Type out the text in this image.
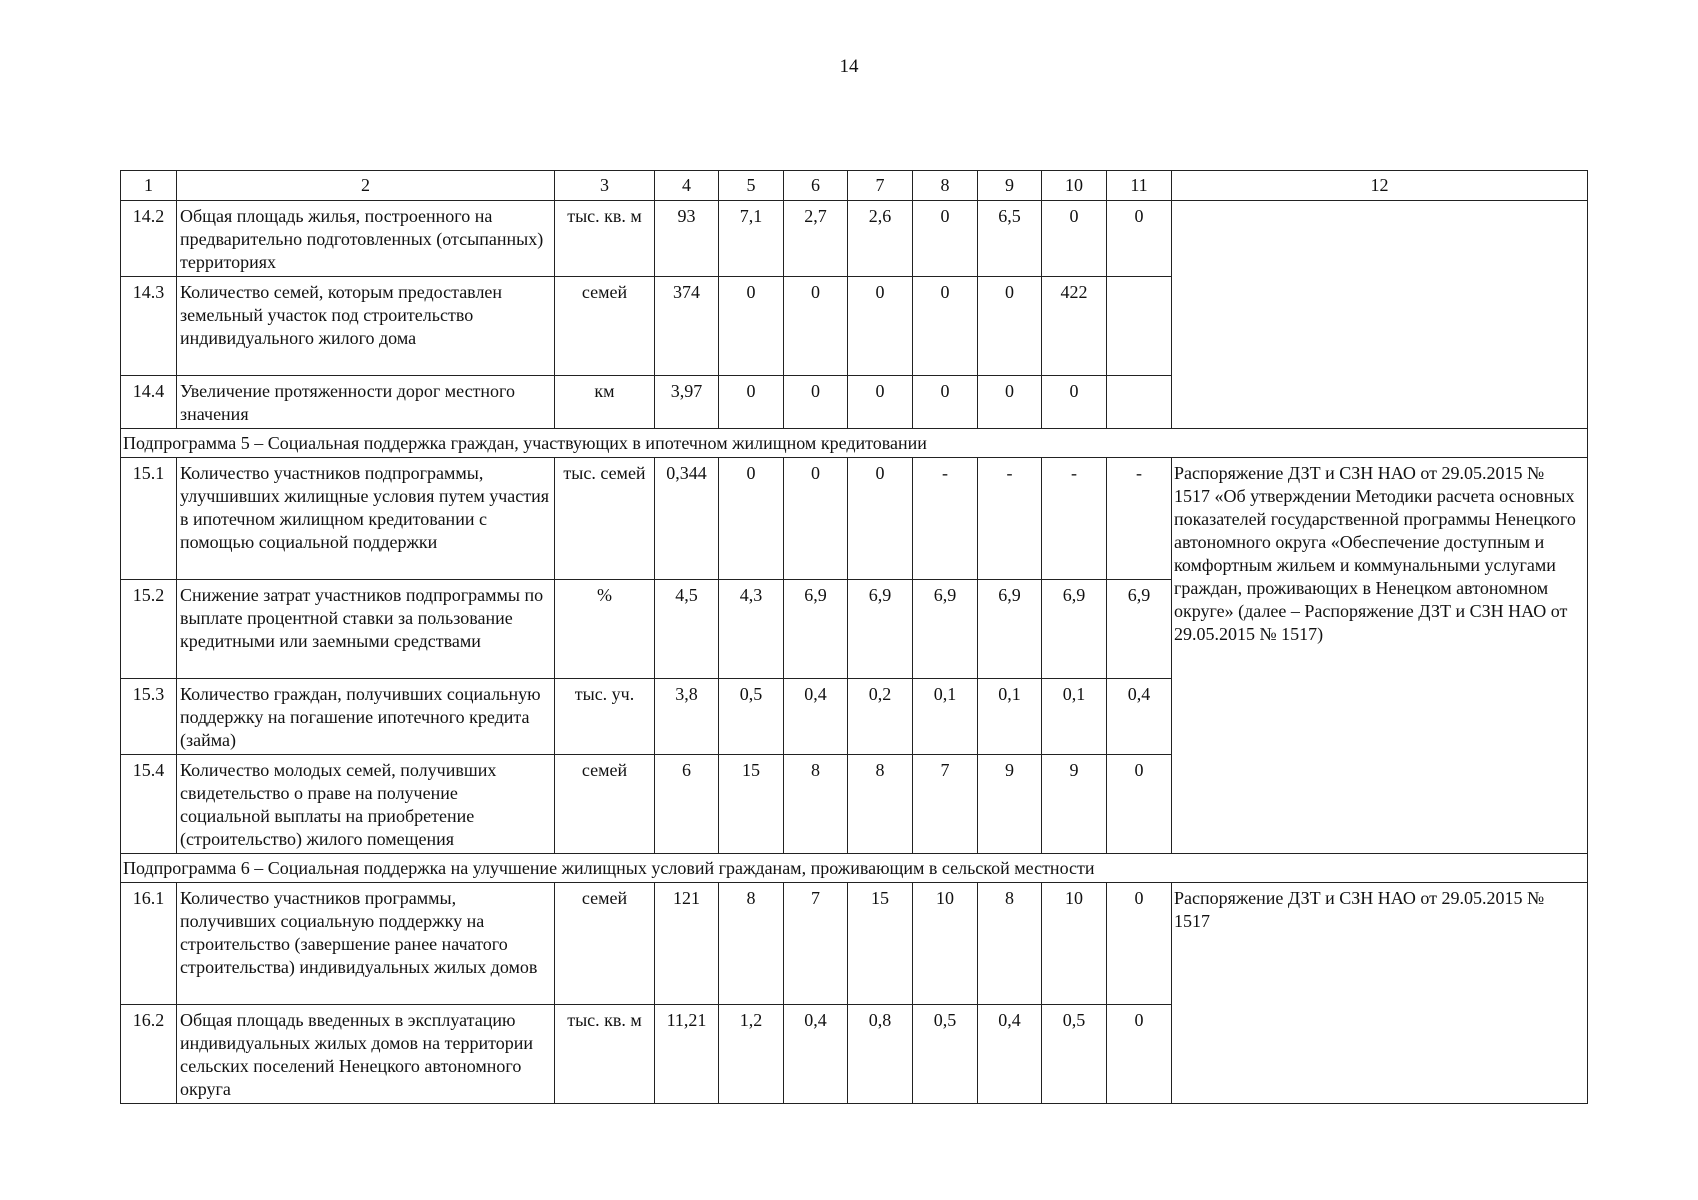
14
1	2	3	4	5	6	7	8	9	10	11	12
14.2	Общая площадь жилья, построенного на предварительно подготовленных (отсыпанных) территориях	тыс. кв. м	93	7,1	2,7	2,6	0	6,5	0	0	
14.3	Количество семей, которым предоставлен земельный участок под строительство индивидуального жилого дома	семей	374	0	0	0	0	0	422		
14.4	Увеличение протяженности дорог местного значения	км	3,97	0	0	0	0	0	0		
Подпрограмма 5 – Социальная поддержка граждан, участвующих в ипотечном жилищном кредитовании											
15.1	Количество участников подпрограммы, улучшивших жилищные условия путем участия в ипотечном жилищном кредитовании с помощью социальной поддержки	тыс. семей	0,344	0	0	0	-	-	-	-	Распоряжение ДЗТ и СЗН НАО от 29.05.2015 № 1517 «Об утверждении Методики расчета основных показателей государственной программы Ненецкого автономного округа «Обеспечение доступным и комфортным жильем и коммунальными услугами граждан, проживающих в Ненецком автономном округе» (далее – Распоряжение ДЗТ и СЗН НАО от 29.05.2015 № 1517)
15.2	Снижение затрат участников подпрограммы по выплате процентной ставки за пользование кредитными или заемными средствами	%	4,5	4,3	6,9	6,9	6,9	6,9	6,9	6,9	
15.3	Количество граждан, получивших социальную поддержку на погашение ипотечного кредита (займа)	тыс. уч.	3,8	0,5	0,4	0,2	0,1	0,1	0,1	0,4	
15.4	Количество молодых семей, получивших свидетельство о праве на получение социальной выплаты на приобретение (строительство) жилого помещения	семей	6	15	8	8	7	9	9	0	
Подпрограмма 6 – Социальная поддержка на улучшение жилищных условий гражданам, проживающим в сельской местности											
16.1	Количество участников программы, получивших социальную поддержку на строительство (завершение ранее начатого строительства) индивидуальных жилых домов	семей	121	8	7	15	10	8	10	0	Распоряжение ДЗТ и СЗН НАО от 29.05.2015 № 1517
16.2	Общая площадь введенных в эксплуатацию индивидуальных жилых домов на территории сельских поселений Ненецкого автономного округа	тыс. кв. м	11,21	1,2	0,4	0,8	0,5	0,4	0,5	0	
